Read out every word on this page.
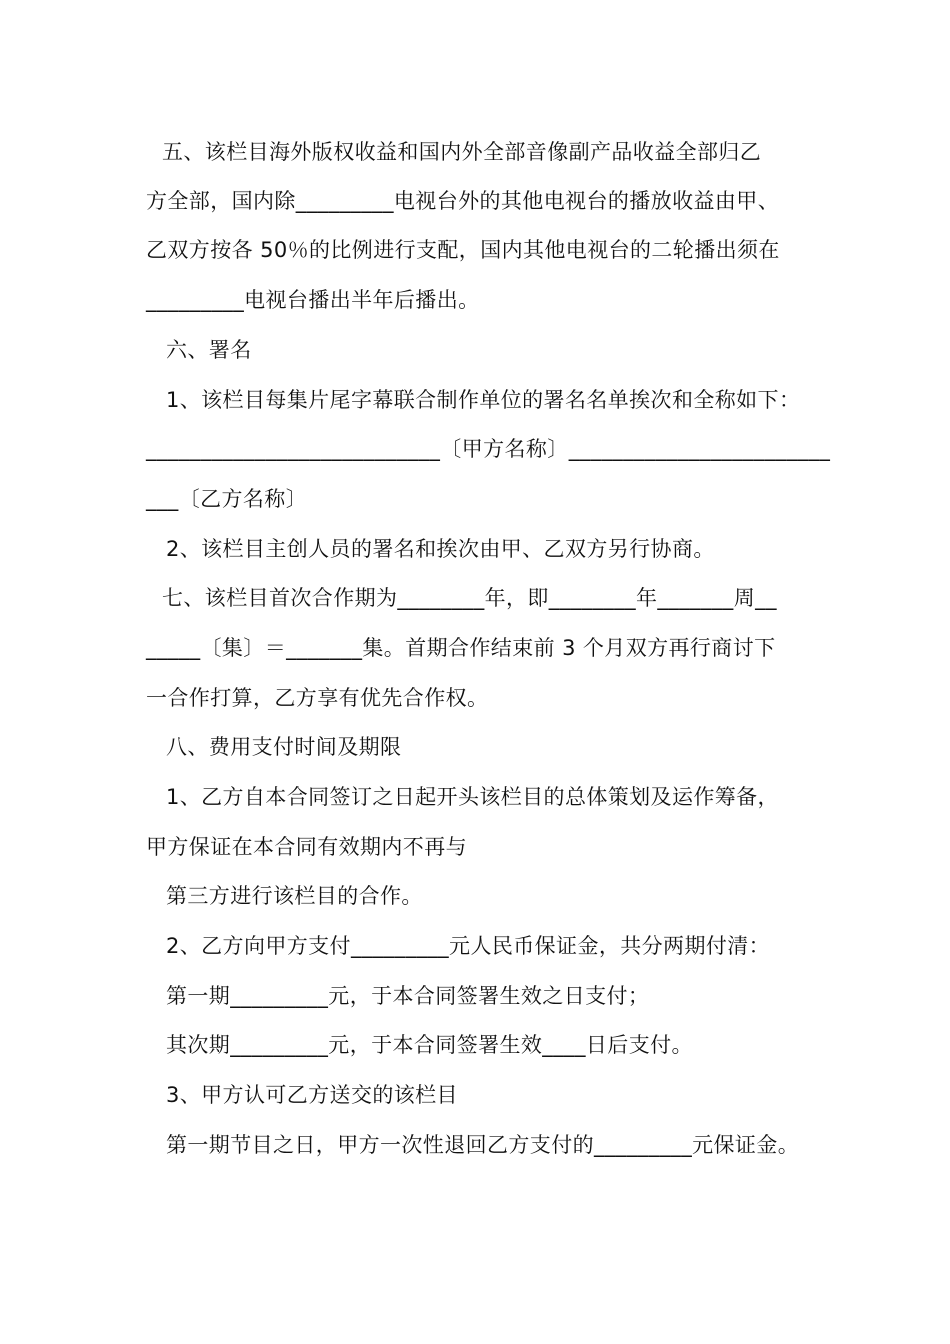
五、该栏目海外版权收益和国内外全部音像副产品收益全部归乙
方全部，国内除_________电视台外的其他电视台的播放收益由甲、
乙双方按各 50％的比例进行支配，国内其他电视台的二轮播出须在
_________电视台播出半年后播出。
六、署名
1、该栏目每集片尾字幕联合制作单位的署名名单挨次和全称如下：
___________________________〔甲方名称〕________________________
___〔乙方名称〕
2、该栏目主创人员的署名和挨次由甲、乙双方另行协商。
七、该栏目首次合作期为________年，即________年_______周__
_____〔集〕＝_______集。首期合作结束前 3 个月双方再行商讨下
一合作打算，乙方享有优先合作权。
八、费用支付时间及期限
1、乙方自本合同签订之日起开头该栏目的总体策划及运作筹备，
甲方保证在本合同有效期内不再与
第三方进行该栏目的合作。
2、乙方向甲方支付_________元人民币保证金，共分两期付清：
第一期_________元，于本合同签署生效之日支付；
其次期_________元，于本合同签署生效____日后支付。
3、甲方认可乙方送交的该栏目
第一期节目之日，甲方一次性退回乙方支付的_________元保证金。
